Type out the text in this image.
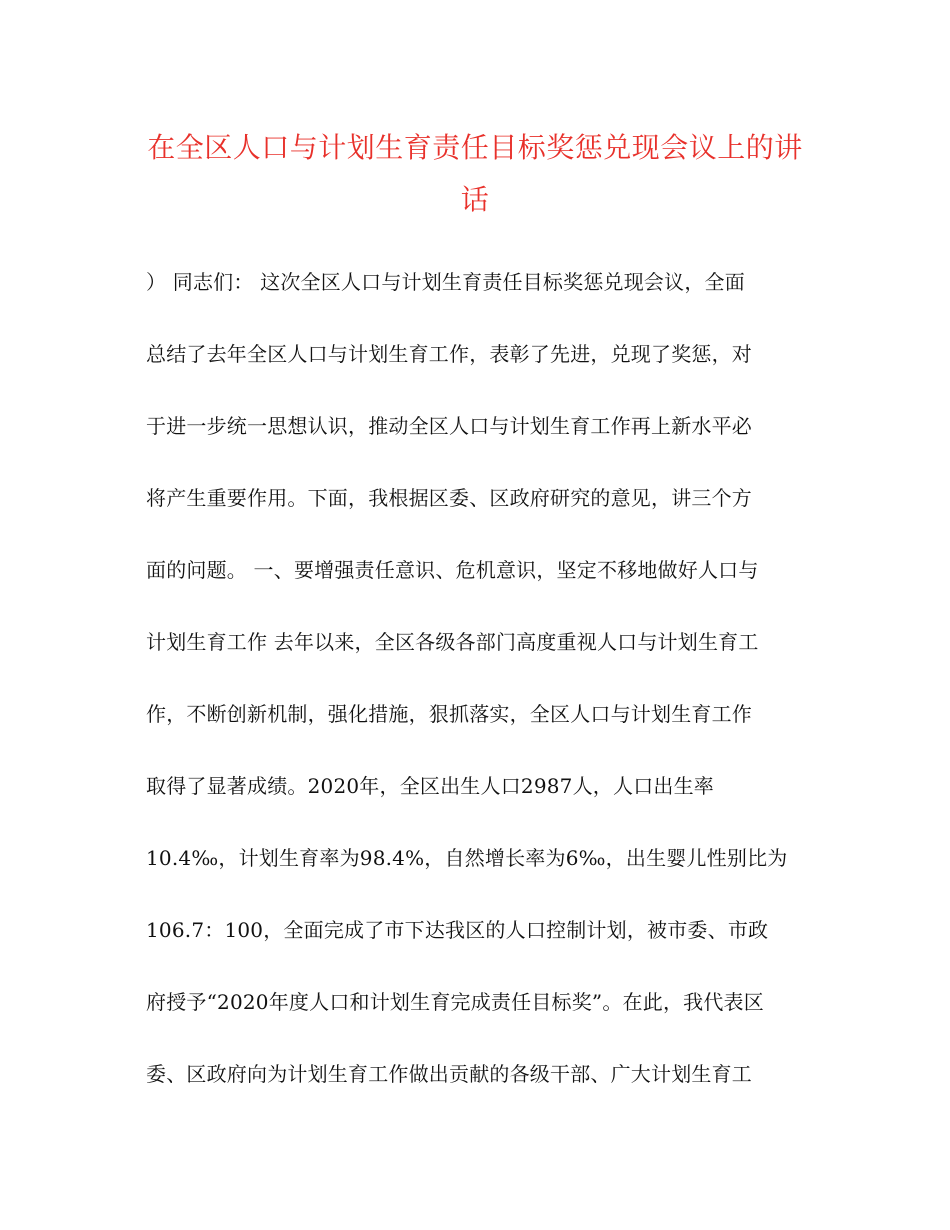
在全区人口与计划生育责任目标奖惩兑现会议上的讲
话
） 同志们： 这次全区人口与计划生育责任目标奖惩兑现会议，全面
总结了去年全区人口与计划生育工作，表彰了先进，兑现了奖惩，对
于进一步统一思想认识，推动全区人口与计划生育工作再上新水平必
将产生重要作用。下面，我根据区委、区政府研究的意见，讲三个方
面的问题。 一、要增强责任意识、危机意识，坚定不移地做好人口与
计划生育工作 去年以来，全区各级各部门高度重视人口与计划生育工
作，不断创新机制，强化措施，狠抓落实，全区人口与计划生育工作
取得了显著成绩。2020年，全区出生人口2987人，人口出生率
10.4‰，计划生育率为98.4%，自然增长率为6‰，出生婴儿性别比为
106.7：100，全面完成了市下达我区的人口控制计划，被市委、市政
府授予“2020年度人口和计划生育完成责任目标奖”。在此，我代表区
委、区政府向为计划生育工作做出贡献的各级干部、广大计划生育工
